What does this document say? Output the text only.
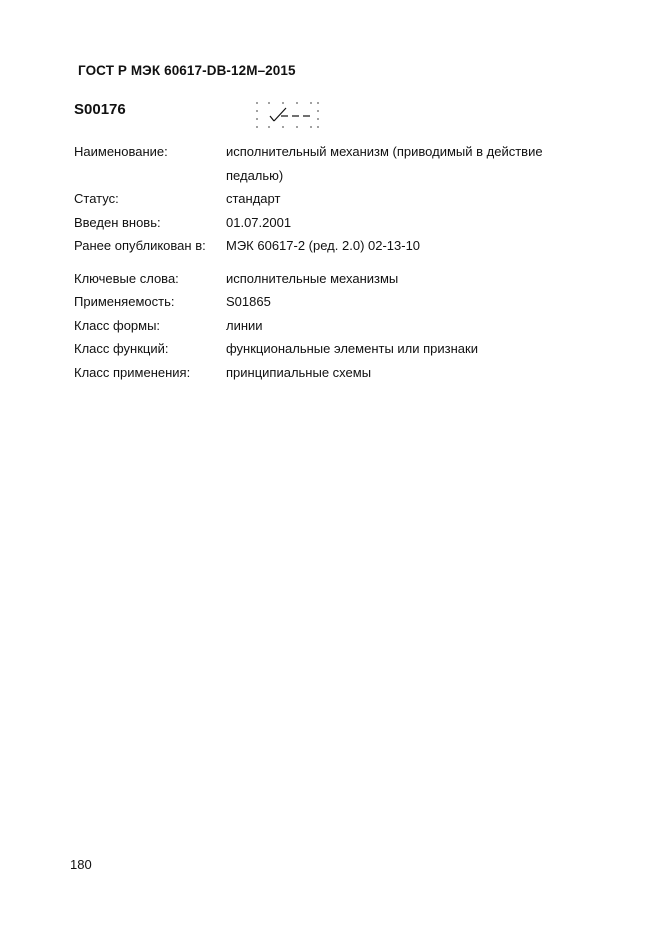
ГОСТ Р МЭК 60617-DB-12M–2015
S00176
Наименование:	исполнительный механизм (приводимый в действие педалью)
Статус:	стандарт
Введен вновь:	01.07.2001
Ранее опубликован в:	МЭК 60617-2 (ред. 2.0) 02-13-10
Ключевые слова:	исполнительные механизмы
Применяемость:	S01865
Класс формы:	линии
Класс функций:	функциональные элементы или признаки
Класс применения:	принципиальные схемы
180
